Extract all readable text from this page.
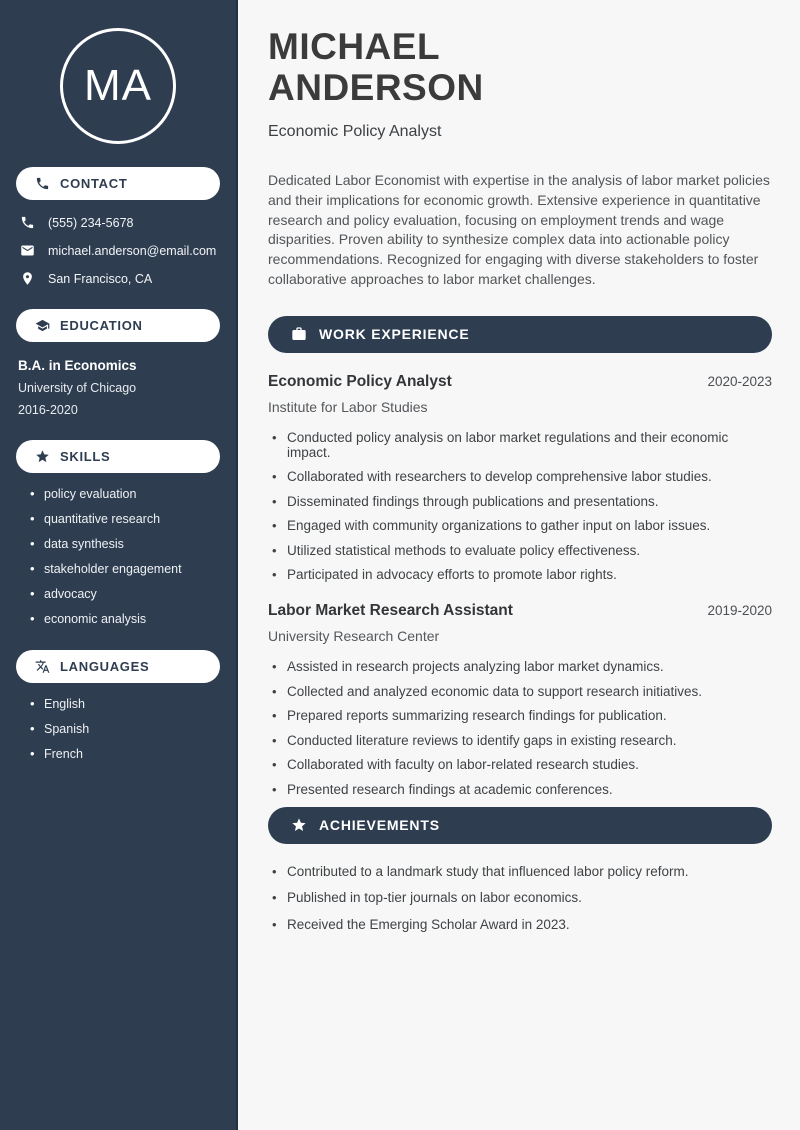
MA
CONTACT
(555) 234-5678
michael.anderson@email.com
San Francisco, CA
EDUCATION
B.A. in Economics
University of Chicago
2016-2020
SKILLS
• policy evaluation
• quantitative research
• data synthesis
• stakeholder engagement
• advocacy
• economic analysis
LANGUAGES
• English
• Spanish
• French
MICHAEL
ANDERSON
Economic Policy Analyst

Dedicated Labor Economist with expertise in the analysis of labor market policies and their implications for economic growth. Extensive experience in quantitative research and policy evaluation, focusing on employment trends and wage disparities. Proven ability to synthesize complex data into actionable policy recommendations. Recognized for engaging with diverse stakeholders to foster collaborative approaches to labor market challenges.

WORK EXPERIENCE
Economic Policy Analyst	2020-2023
Institute for Labor Studies
• Conducted policy analysis on labor market regulations and their economic impact.
• Collaborated with researchers to develop comprehensive labor studies.
• Disseminated findings through publications and presentations.
• Engaged with community organizations to gather input on labor issues.
• Utilized statistical methods to evaluate policy effectiveness.
• Participated in advocacy efforts to promote labor rights.
Labor Market Research Assistant	2019-2020
University Research Center
• Assisted in research projects analyzing labor market dynamics.
• Collected and analyzed economic data to support research initiatives.
• Prepared reports summarizing research findings for publication.
• Conducted literature reviews to identify gaps in existing research.
• Collaborated with faculty on labor-related research studies.
• Presented research findings at academic conferences.
ACHIEVEMENTS
• Contributed to a landmark study that influenced labor policy reform.
• Published in top-tier journals on labor economics.
• Received the Emerging Scholar Award in 2023.
